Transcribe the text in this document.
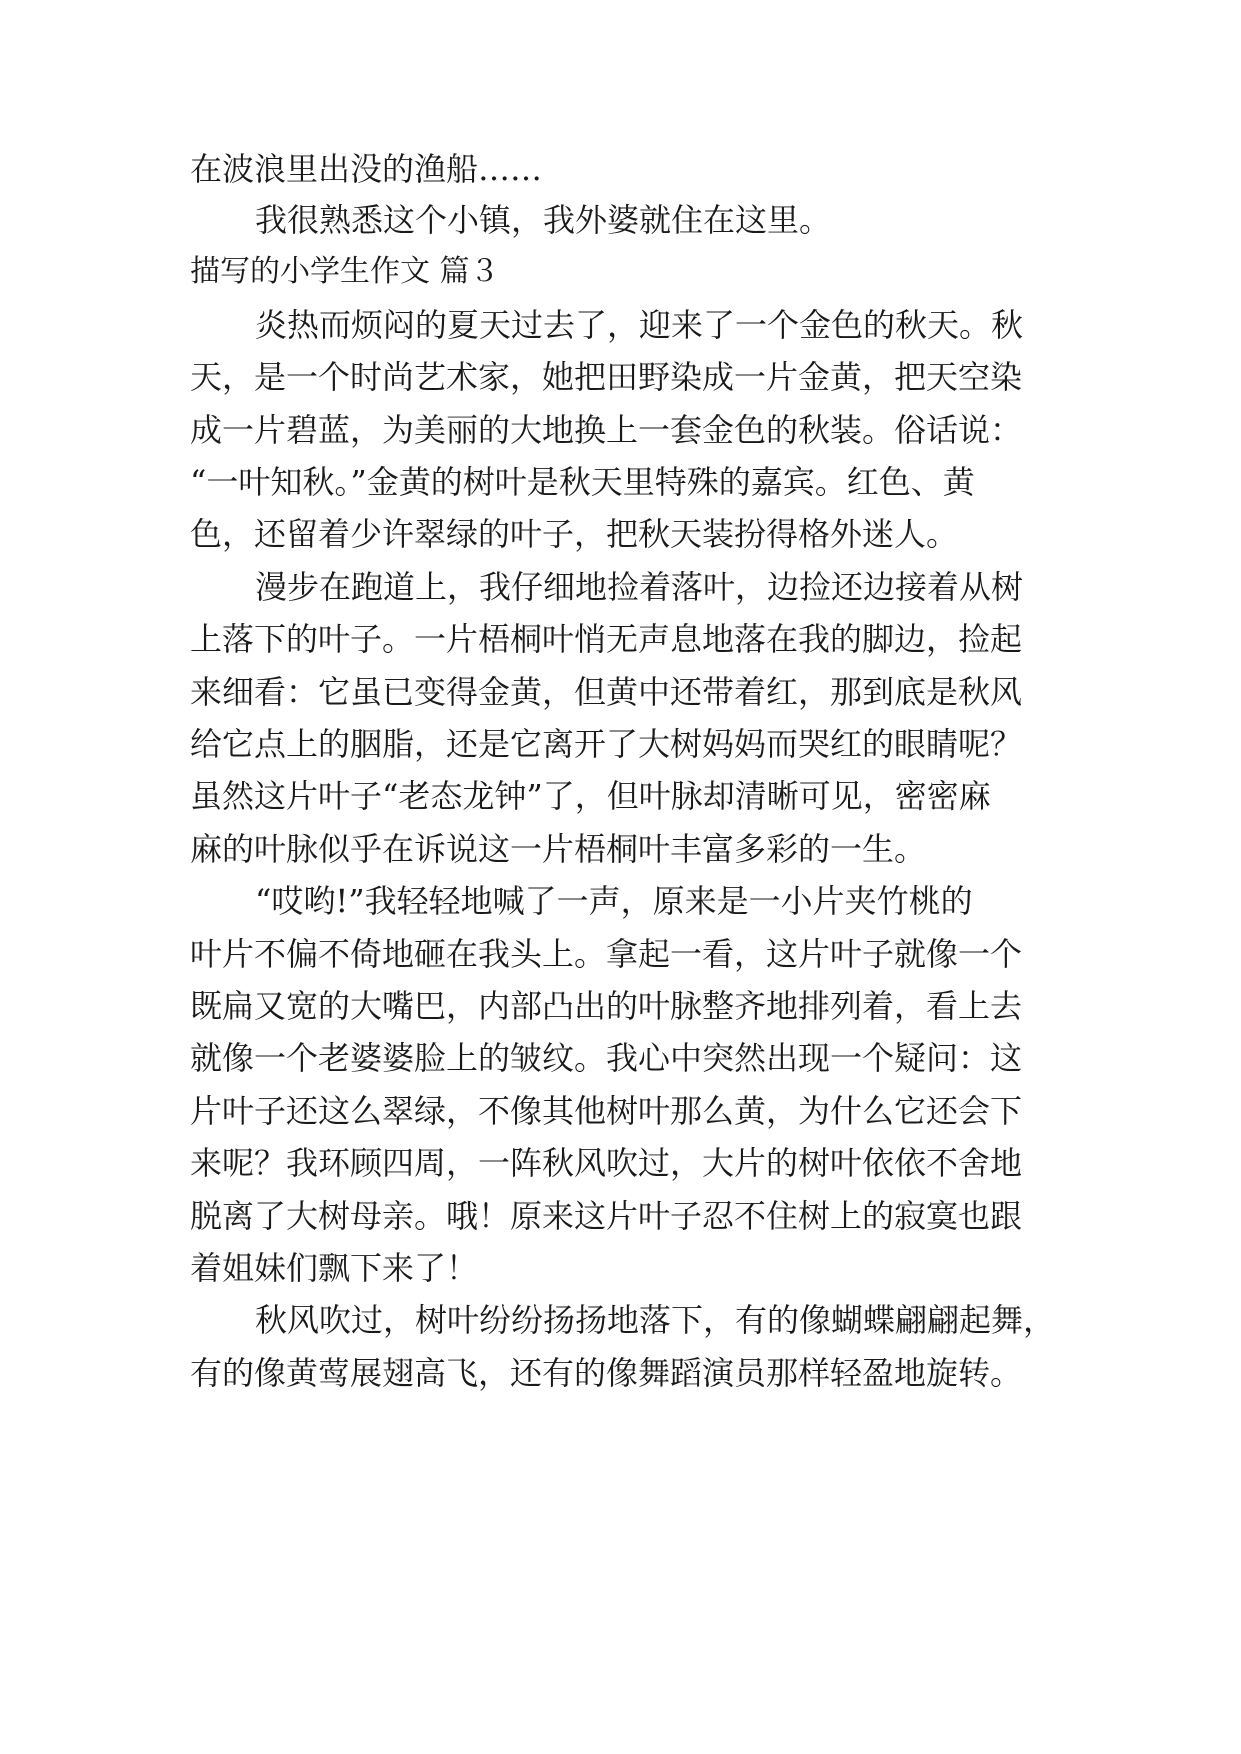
在波浪里出没的渔船……
我很熟悉这个小镇，我外婆就住在这里。
描写的小学生作文 篇３
炎热而烦闷的夏天过去了，迎来了一个金色的秋天。秋
天，是一个时尚艺术家，她把田野染成一片金黄，把天空染
成一片碧蓝，为美丽的大地换上一套金色的秋装。俗话说：
“一叶知秋。”金黄的树叶是秋天里特殊的嘉宾。红色、黄
色，还留着少许翠绿的叶子，把秋天装扮得格外迷人。
漫步在跑道上，我仔细地捡着落叶，边捡还边接着从树
上落下的叶子。一片梧桐叶悄无声息地落在我的脚边，捡起
来细看：它虽已变得金黄，但黄中还带着红，那到底是秋风
给它点上的胭脂，还是它离开了大树妈妈而哭红的眼睛呢？
虽然这片叶子“老态龙钟”了，但叶脉却清晰可见，密密麻
麻的叶脉似乎在诉说这一片梧桐叶丰富多彩的一生。
“哎哟!”我轻轻地喊了一声，原来是一小片夹竹桃的
叶片不偏不倚地砸在我头上。拿起一看，这片叶子就像一个
既扁又宽的大嘴巴，内部凸出的叶脉整齐地排列着，看上去
就像一个老婆婆脸上的皱纹。我心中突然出现一个疑问：这
片叶子还这么翠绿，不像其他树叶那么黄，为什么它还会下
来呢？我环顾四周，一阵秋风吹过，大片的树叶依依不舍地
脱离了大树母亲。哦！原来这片叶子忍不住树上的寂寞也跟
着姐妹们飘下来了！
秋风吹过，树叶纷纷扬扬地落下，有的像蝴蝶翩翩起舞，
有的像黄莺展翅高飞，还有的像舞蹈演员那样轻盈地旋转。
